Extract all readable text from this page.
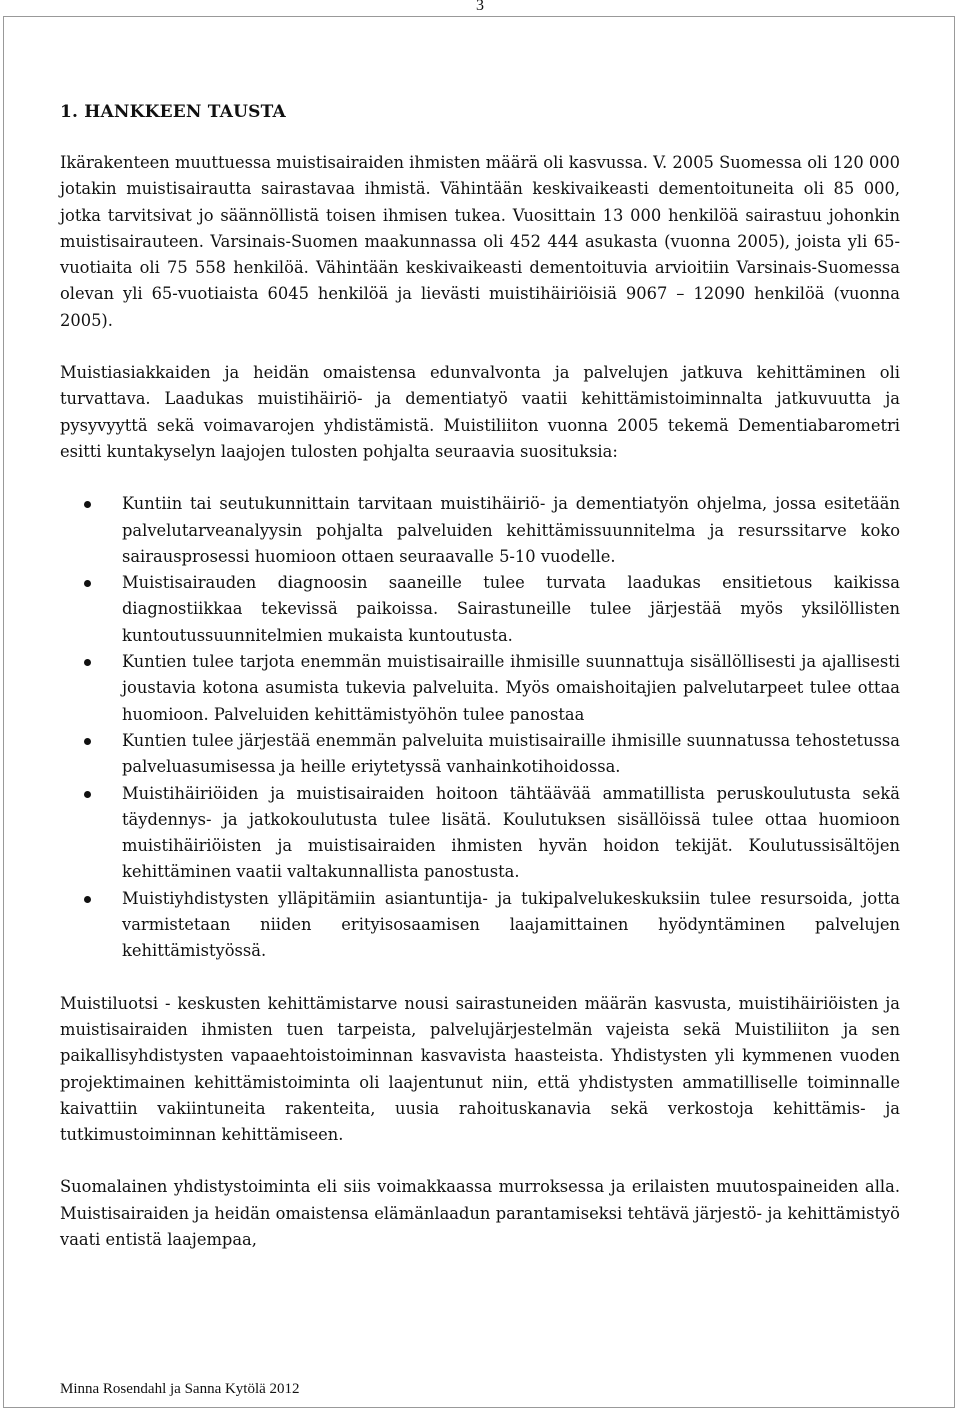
3
1. HANKKEEN TAUSTA

Ikärakenteen muuttuessa muistisairaiden ihmisten määrä oli kasvussa. V. 2005 Suomessa oli 120 000 jotakin muistisairautta sairastavaa ihmistä. Vähintään keskivaikeasti dementoituneita oli 85 000, jotka tarvitsivat jo säännöllistä toisen ihmisen tukea. Vuosittain 13 000 henkilöä sairastuu johonkin muistisairauteen. Varsinais-Suomen maakunnassa oli 452 444 asukasta (vuonna 2005), joista yli 65-vuotiaita oli 75 558 henkilöä. Vähintään keskivaikeasti dementoituvia arvioitiin Varsinais-Suomessa olevan yli 65-vuotiaista 6045 henkilöä ja lievästi muistihäiriöisiä 9067 – 12090 henkilöä (vuonna 2005).

Muistiasiakkaiden ja heidän omaistensa edunvalvonta ja palvelujen jatkuva kehittäminen oli turvattava. Laadukas muistihäiriö- ja dementiatyö vaatii kehittämistoiminnalta jatkuvuutta ja pysyvyyttä sekä voimavarojen yhdistämistä. Muistiliiton vuonna 2005 tekemä Dementiabarometri esitti kuntakyselyn laajojen tulosten pohjalta seuraavia suosituksia:

Kuntiin tai seutukunnittain tarvitaan muistihäiriö- ja dementiatyön ohjelma, jossa esitetään palvelutarveanalyysin pohjalta palveluiden kehittämissuunnitelma ja resurssitarve koko sairausprosessi huomioon ottaen seuraavalle 5-10 vuodelle.
Muistisairauden diagnoosin saaneille tulee turvata laadukas ensitietous kaikissa diagnostiikkaa tekevissä paikoissa. Sairastuneille tulee järjestää myös yksilöllisten kuntoutussuunnitelmien mukaista kuntoutusta.
Kuntien tulee tarjota enemmän muistisairaille ihmisille suunnattuja sisällöllisesti ja ajallisesti joustavia kotona asumista tukevia palveluita. Myös omaishoitajien palvelutarpeet tulee ottaa huomioon. Palveluiden kehittämistyöhön tulee panostaa
Kuntien tulee järjestää enemmän palveluita muistisairaille ihmisille suunnatussa tehostetussa palveluasumisessa ja heille eriytetyssä vanhainkotihoidossa.
Muistihäiriöiden ja muistisairaiden hoitoon tähtäävää ammatillista peruskoulutusta sekä täydennys- ja jatkokoulutusta tulee lisätä. Koulutuksen sisällöissä tulee ottaa huomioon muistihäiriöisten ja muistisairaiden ihmisten hyvän hoidon tekijät. Koulutussisältöjen kehittäminen vaatii valtakunnallista panostusta.
Muistiyhdistysten ylläpitämiin asiantuntija- ja tukipalvelukeskuksiin tulee resursoida, jotta varmistetaan niiden erityisosaamisen laajamittainen hyödyntäminen palvelujen kehittämistyössä.

Muistiluotsi - keskusten kehittämistarve nousi sairastuneiden määrän kasvusta, muistihäiriöisten ja muistisairaiden ihmisten tuen tarpeista, palvelujärjestelmän vajeista sekä Muistiliiton ja sen paikallisyhdistysten vapaaehtoistoiminnan kasvavista haasteista. Yhdistysten yli kymmenen vuoden projektimainen kehittämistoiminta oli laajentunut niin, että yhdistysten ammatilliselle toiminnalle kaivattiin vakiintuneita rakenteita, uusia rahoituskanavia sekä verkostoja kehittämis- ja tutkimustoiminnan kehittämiseen.

Suomalainen yhdistystoiminta eli siis voimakkaassa murroksessa ja erilaisten muutospaineiden alla. Muistisairaiden ja heidän omaistensa elämänlaadun parantamiseksi tehtävä järjestö- ja kehittämistyö vaati entistä laajempaa,

Minna Rosendahl ja Sanna Kytölä 2012
